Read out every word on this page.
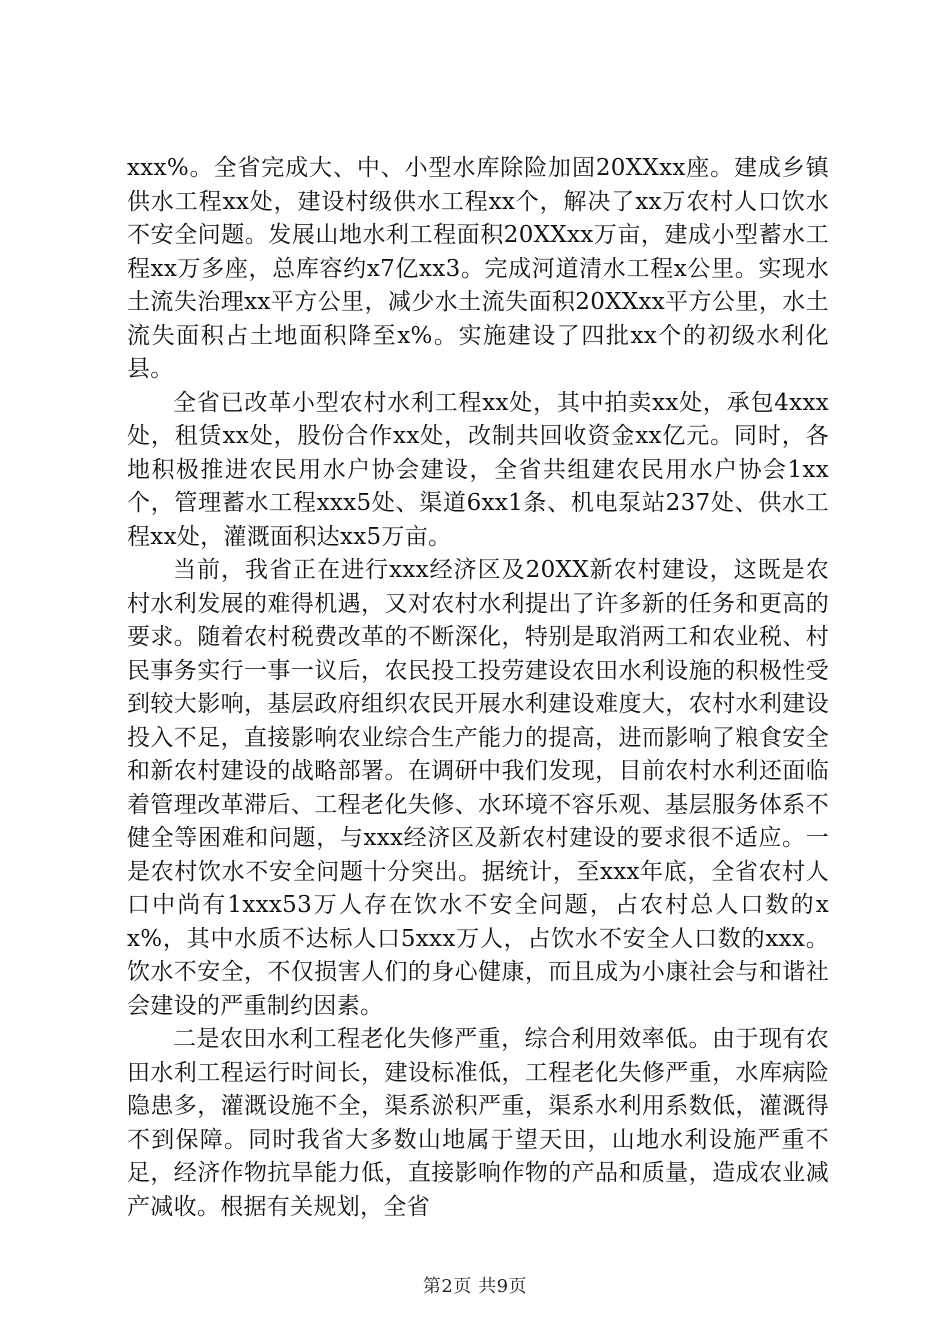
xxx%。全省完成大、中、小型水库除险加固20XXxx座。建成乡镇供水工程xx处，建设村级供水工程xx个，解决了xx万农村人口饮水不安全问题。发展山地水利工程面积20XXxx万亩，建成小型蓄水工程xx万多座，总库容约x7亿xx3。完成河道清水工程x公里。实现水土流失治理xx平方公里，减少水土流失面积20XXxx平方公里，水土流失面积占土地面积降至x%。实施建设了四批xx个的初级水利化县。

全省已改革小型农村水利工程xx处，其中拍卖xx处，承包4xxx处，租赁xx处，股份合作xx处，改制共回收资金xx亿元。同时，各地积极推进农民用水户协会建设，全省共组建农民用水户协会1xx个，管理蓄水工程xxx5处、渠道6xx1条、机电泵站237处、供水工程xx处，灌溉面积达xx5万亩。

当前，我省正在进行xxx经济区及20XX新农村建设，这既是农村水利发展的难得机遇，又对农村水利提出了许多新的任务和更高的要求。随着农村税费改革的不断深化，特别是取消两工和农业税、村民事务实行一事一议后，农民投工投劳建设农田水利设施的积极性受到较大影响，基层政府组织农民开展水利建设难度大，农村水利建设投入不足，直接影响农业综合生产能力的提高，进而影响了粮食安全和新农村建设的战略部署。在调研中我们发现，目前农村水利还面临着管理改革滞后、工程老化失修、水环境不容乐观、基层服务体系不健全等困难和问题，与xxx经济区及新农村建设的要求很不适应。一是农村饮水不安全问题十分突出。据统计，至xxx年底，全省农村人口中尚有1xxx53万人存在饮水不安全问题，占农村总人口数的xx%，其中水质不达标人口5xxx万人，占饮水不安全人口数的xxx。饮水不安全，不仅损害人们的身心健康，而且成为小康社会与和谐社会建设的严重制约因素。

二是农田水利工程老化失修严重，综合利用效率低。由于现有农田水利工程运行时间长，建设标准低，工程老化失修严重，水库病险隐患多，灌溉设施不全，渠系淤积严重，渠系水利用系数低，灌溉得不到保障。同时我省大多数山地属于望天田，山地水利设施严重不足，经济作物抗旱能力低，直接影响作物的产品和质量，造成农业减产减收。根据有关规划，全省

第2页 共9页
